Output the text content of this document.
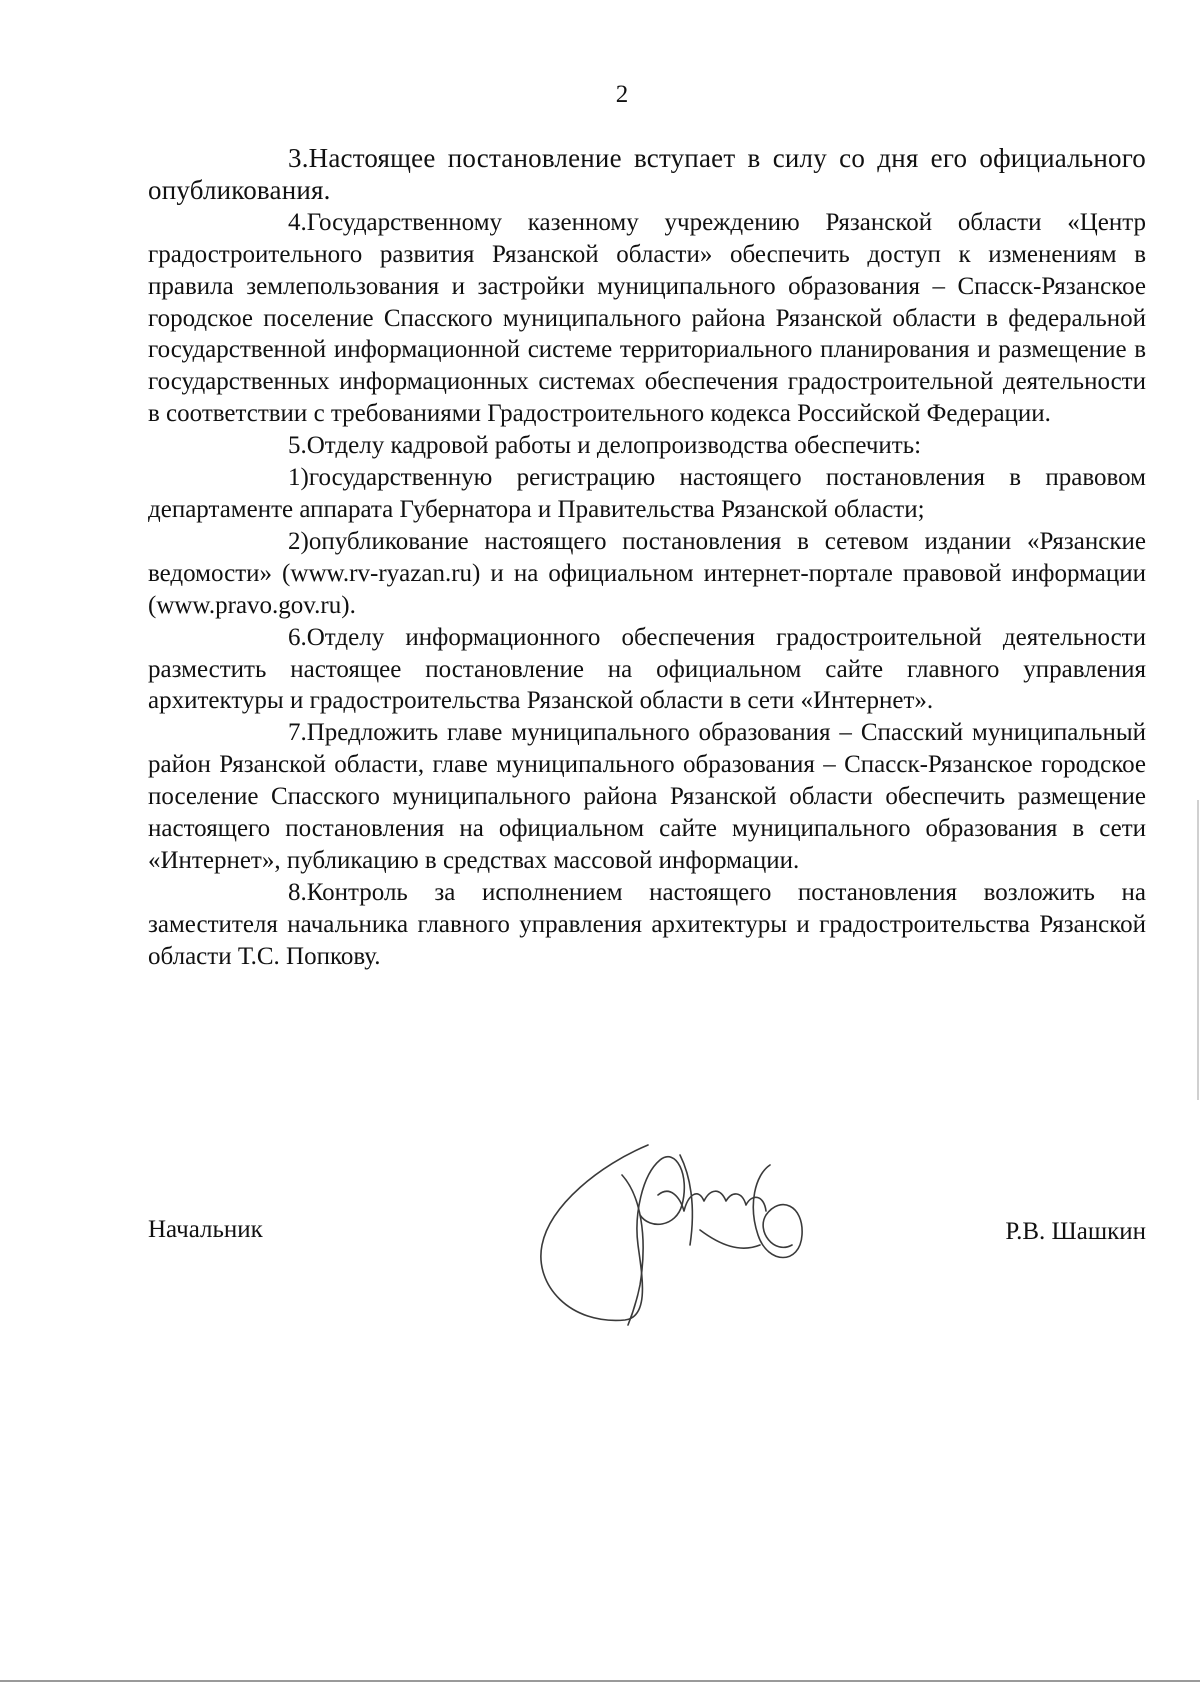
2

3.Настоящее постановление вступает в силу со дня его официального опубликования.

4.Государственному казенному учреждению Рязанской области «Центр градостроительного развития Рязанской области» обеспечить доступ к изменениям в правила землепользования и застройки муниципального образования – Спасск-Рязанское городское поселение Спасского муниципального района Рязанской области в федеральной государственной информационной системе территориального планирования и размещение в государственных информационных системах обеспечения градостроительной деятельности в соответствии с требованиями Градостроительного кодекса Российской Федерации.

5.Отделу кадровой работы и делопроизводства обеспечить:

1)государственную регистрацию настоящего постановления в правовом департаменте аппарата Губернатора и Правительства Рязанской области;

2)опубликование настоящего постановления в сетевом издании «Рязанские ведомости» (www.rv-ryazan.ru) и на официальном интернет-портале правовой информации (www.pravo.gov.ru).

6.Отделу информационного обеспечения градостроительной деятельности разместить настоящее постановление на официальном сайте главного управления архитектуры и градостроительства Рязанской области в сети «Интернет».

7.Предложить главе муниципального образования – Спасский муниципальный район Рязанской области, главе муниципального образования – Спасск-Рязанское городское поселение Спасского муниципального района Рязанской области обеспечить размещение настоящего постановления на официальном сайте муниципального образования в сети «Интернет», публикацию в средствах массовой информации.

8.Контроль за исполнением настоящего постановления возложить на заместителя начальника главного управления архитектуры и градостроительства Рязанской области Т.С. Попкову.

Начальник	Р.В. Шашкин
